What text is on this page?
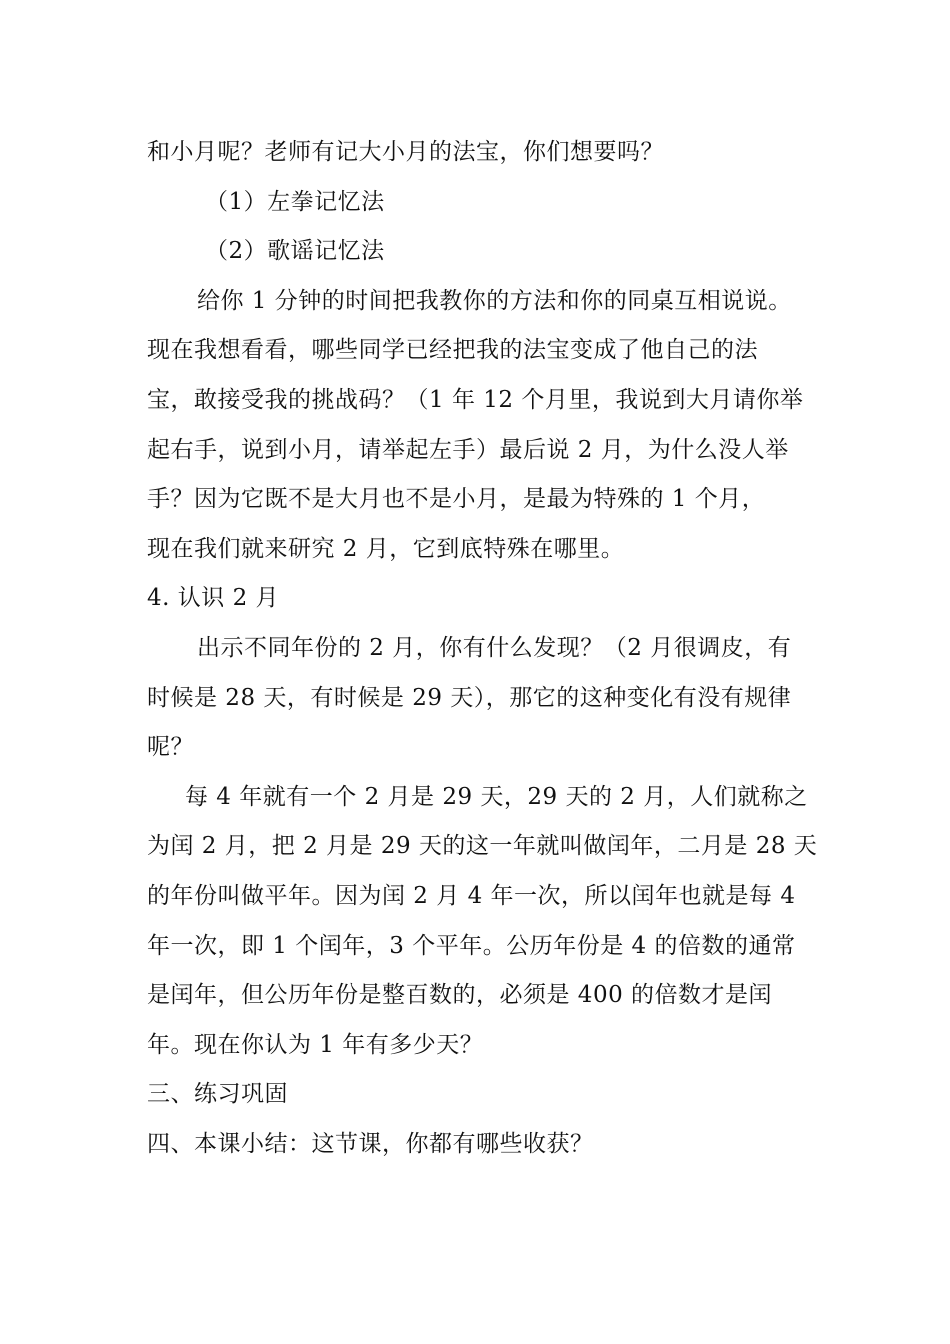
和小月呢？老师有记大小月的法宝，你们想要吗？
（1）左拳记忆法
（2）歌谣记忆法
给你 1 分钟的时间把我教你的方法和你的同桌互相说说。
现在我想看看，哪些同学已经把我的法宝变成了他自己的法
宝，敢接受我的挑战码？（1 年 12 个月里，我说到大月请你举
起右手，说到小月，请举起左手）最后说 2 月，为什么没人举
手？因为它既不是大月也不是小月，是最为特殊的 1 个月，
现在我们就来研究 2 月，它到底特殊在哪里。
4. 认识 2 月
出示不同年份的 2 月，你有什么发现？（2 月很调皮，有
时候是 28 天，有时候是 29 天），那它的这种变化有没有规律
呢？
每 4 年就有一个 2 月是 29 天，29 天的 2 月，人们就称之
为闰 2 月，把 2 月是 29 天的这一年就叫做闰年，二月是 28 天
的年份叫做平年。因为闰 2 月 4 年一次，所以闰年也就是每 4
年一次，即 1 个闰年，3 个平年。公历年份是 4 的倍数的通常
是闰年，但公历年份是整百数的，必须是 400 的倍数才是闰
年。现在你认为 1 年有多少天？
三、练习巩固
四、本课小结：这节课，你都有哪些收获？
